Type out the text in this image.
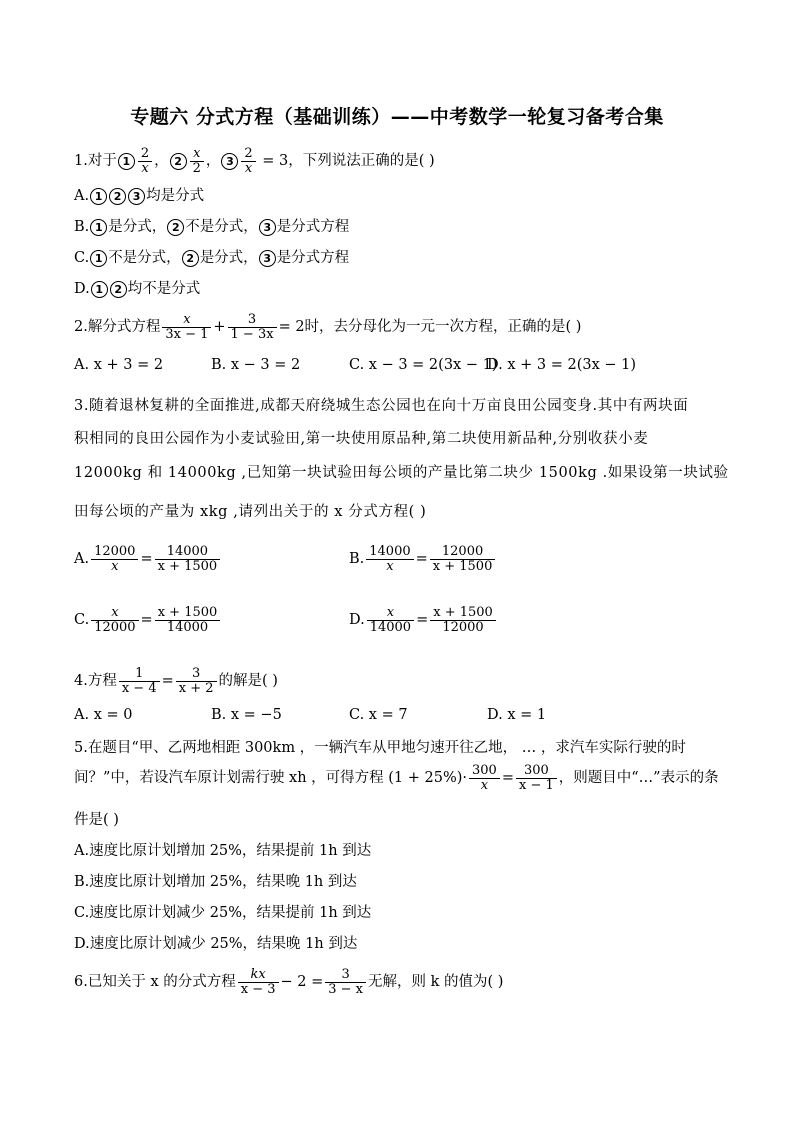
专题六 分式方程（基础训练）——中考数学一轮复习备考合集
1.对于 $1 \frac{2}{x}$ ， $2 \frac{x}{2}$ ， $3 \frac{2}{x} = 3$，下列说法正确的是( )
A. 1 2 3 均是分式
B. 1 是分式， 2 不是分式， 3 是分式方程
C. 1 不是分式， 2 是分式， 3 是分式方程
D. 1 2 均不是分式
2.解分式方程 $\frac{x}{3x - 1} + \frac{3}{1 - 3x} = 2$时，去分母化为一元一次方程，正确的是( )
A. x + 3 = 2	B. x − 3 = 2	C. x − 3 = 2(3x − 1)
D. x + 3 = 2(3x − 1)
3.随着退林复耕的全面推进,成都天府绕城生态公园也在向十万亩良田公园变身.其中有两块面
积相同的良田公园作为小麦试验田,第一块使用原品种,第二块使用新品种,分别收获小麦
12000kg 和 14000kg ,已知第一块试验田每公顷的产量比第二块少 1500kg .如果设第一块试验
田每公顷的产量为 xkg ,请列出关于的 x 分式方程( )
A. $\frac{12000}{x} = \frac{14000}{x + 1500}$	B. $\frac{14000}{x} = \frac{12000}{x + 1500}$
C. $\frac{x}{12000} = \frac{x + 1500}{14000}$	D. $\frac{x}{14000} = \frac{x + 1500}{12000}$
4.方程 $\frac{1}{x - 4} = \frac{3}{x + 2}$ 的解是( )
A. x = 0	B. x = −5	C. x = 7	D. x = 1
5.在题目“甲、乙两地相距 300km ，一辆汽车从甲地匀速开往乙地， … ，求汽车实际行驶的时
间？”中，若设汽车原计划需行驶 xh ，可得方程 $(1 + 25\%)\cdot \frac{300}{x} = \frac{300}{x - 1}$ ，则题目中“…”表示的条
件是( )
A.速度比原计划增加 25%，结果提前 1h 到达
B.速度比原计划增加 25%，结果晚 1h 到达
C.速度比原计划减少 25%，结果提前 1h 到达
D.速度比原计划减少 25%，结果晚 1h 到达
6.已知关于 x 的分式方程 $\frac{kx}{x - 3} - 2 = \frac{3}{3 - x}$ 无解，则 k 的值为( )
